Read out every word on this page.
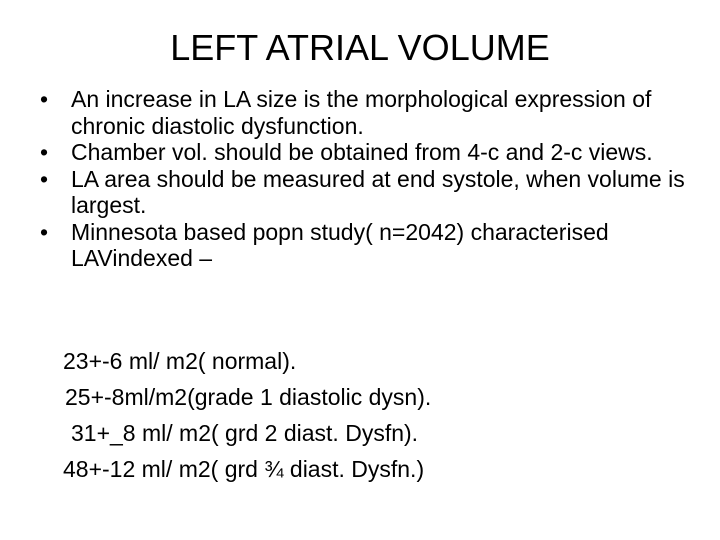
LEFT ATRIAL VOLUME
• An increase in LA size is the morphological expression of chronic diastolic dysfunction.
• Chamber vol. should be obtained from 4-c and 2-c views.
• LA area should be measured at end systole, when volume is largest.
• Minnesota based popn study( n=2042) characterised LAVindexed –
23+-6 ml/ m2( normal).
25+-8ml/m2(grade 1 diastolic dysn).
31+_8 ml/ m2( grd 2 diast. Dysfn).
48+-12 ml/ m2( grd ¾ diast. Dysfn.)
